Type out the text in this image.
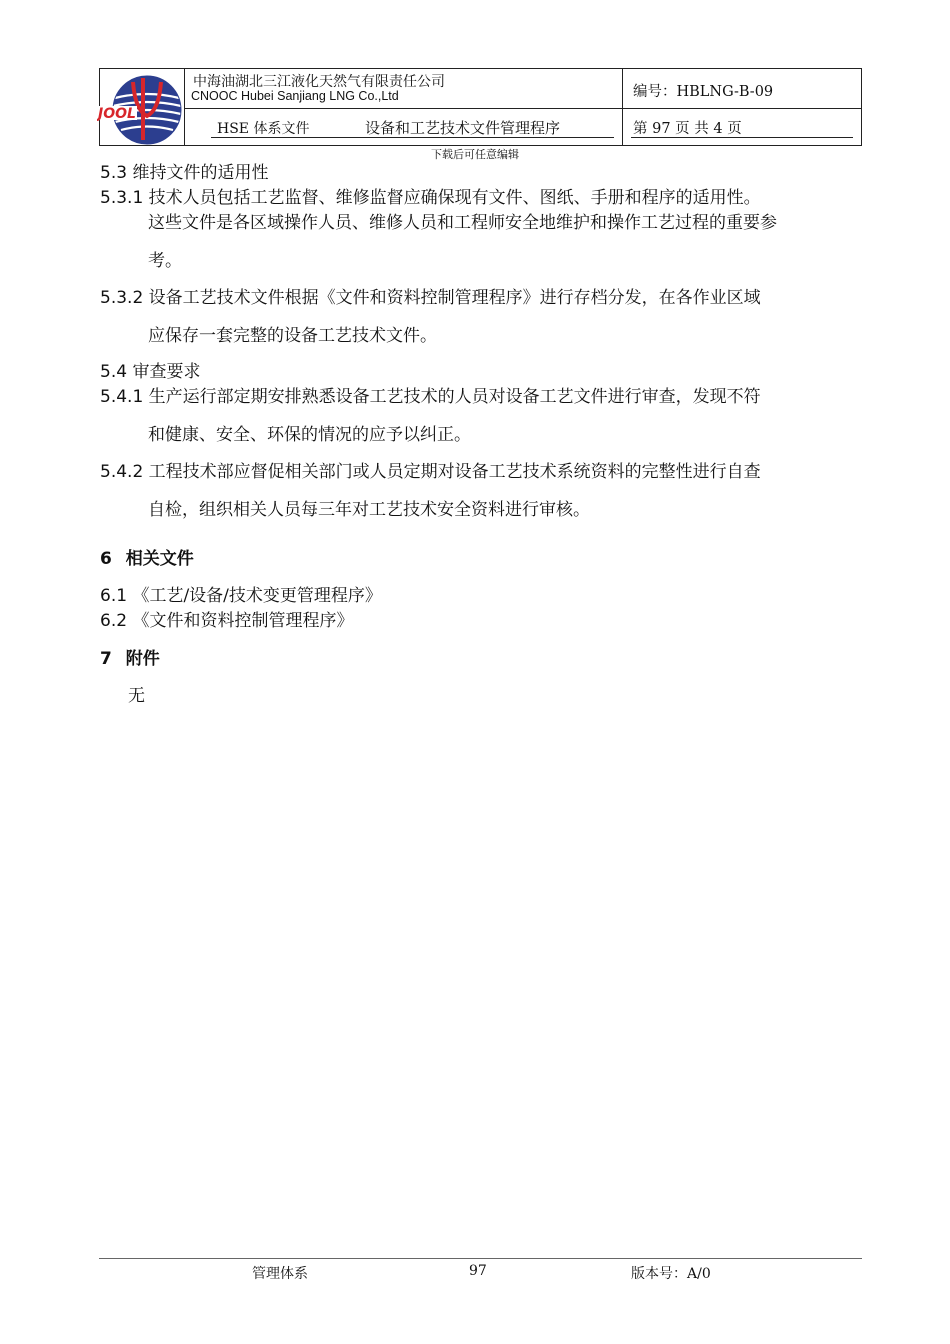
JOOL
中海油湖北三江液化天然气有限责任公司
CNOOC Hubei Sanjiang LNG Co.,Ltd	编号：HBLNG-B-09
HSE 体系文件	设备和工艺技术文件管理程序	第 97 页 共 4 页
下载后可任意编辑
5.3 维持文件的适用性
5.3.1 技术人员包括工艺监督、维修监督应确保现有文件、图纸、手册和程序的适用性。
这些文件是各区域操作人员、维修人员和工程师安全地维护和操作工艺过程的重要参
考。
5.3.2 设备工艺技术文件根据《文件和资料控制管理程序》进行存档分发，在各作业区域
应保存一套完整的设备工艺技术文件。
5.4 审查要求
5.4.1 生产运行部定期安排熟悉设备工艺技术的人员对设备工艺文件进行审查，发现不符
和健康、安全、环保的情况的应予以纠正。
5.4.2 工程技术部应督促相关部门或人员定期对设备工艺技术系统资料的完整性进行自查
自检，组织相关人员每三年对工艺技术安全资料进行审核。
6 相关文件
6.1 《工艺/设备/技术变更管理程序》
6.2 《文件和资料控制管理程序》
7 附件
无
管理体系	97	版本号：A/0
